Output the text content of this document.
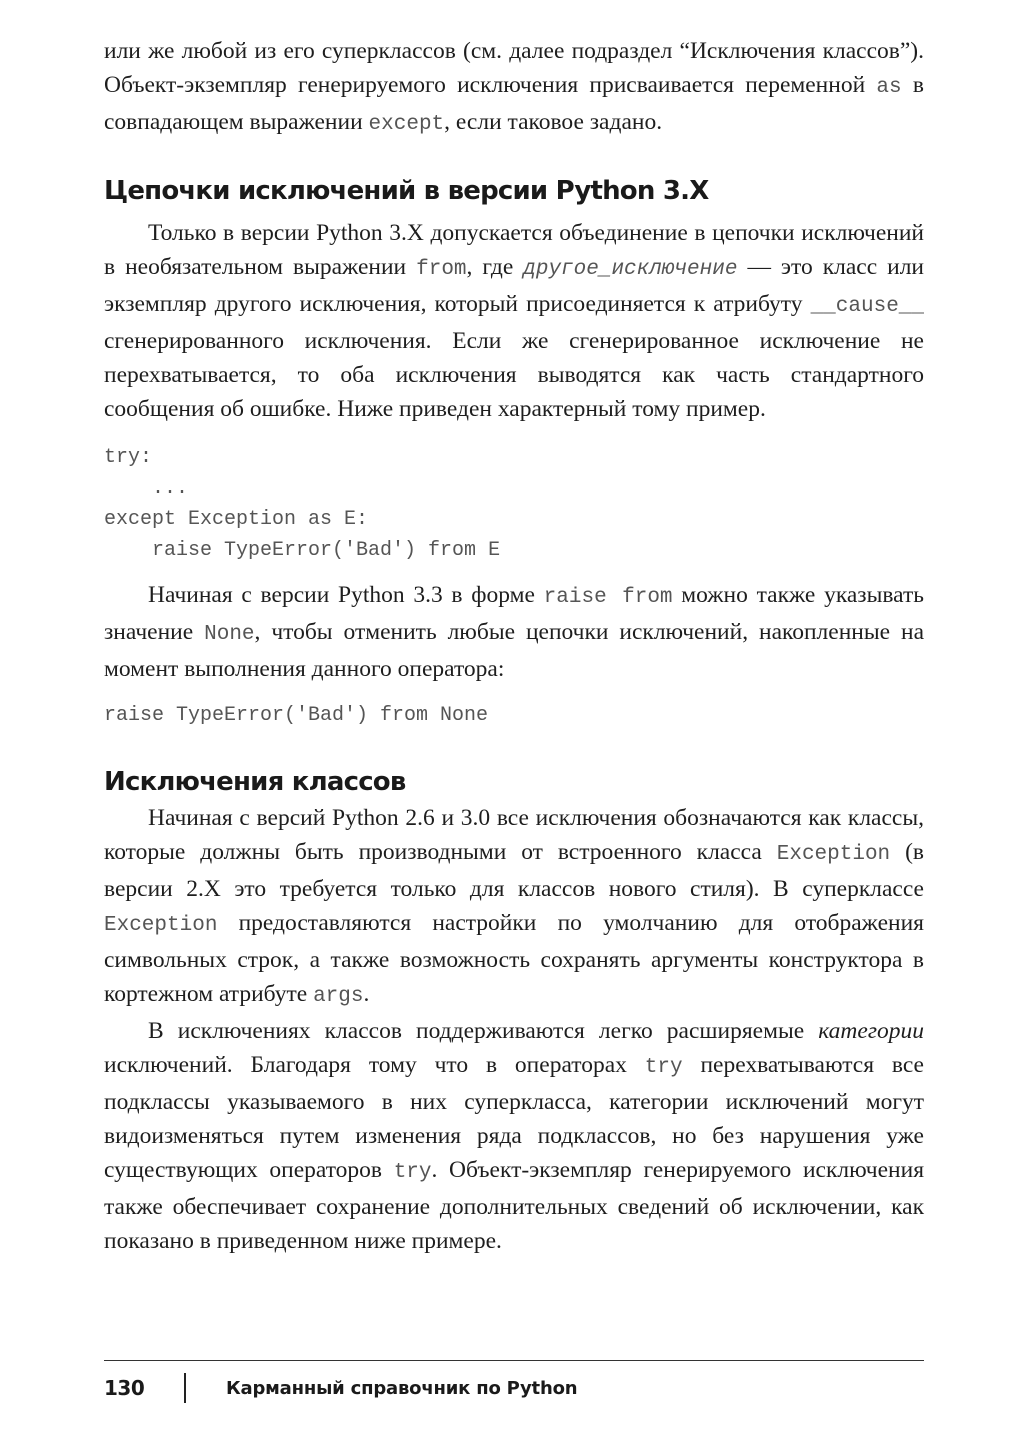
или же любой из его суперклассов (см. далее подраздел “Исключения классов”). Объект-экземпляр генерируемого исключения присваивается переменной as в совпадающем выражении except, если таковое задано.

Цепочки исключений в версии Python 3.X

Только в версии Python 3.X допускается объединение в цепочки исключений в необязательном выражении from, где другое_исключение — это класс или экземпляр другого исключения, который присоединяется к атрибуту __cause__ сгенерированного исключения. Если же сгенерированное исключение не перехватывается, то оба исключения выводятся как часть стандартного сообщения об ошибке. Ниже приведен характерный тому пример.

try:
...
except Exception as E:
raise TypeError('Bad') from E

Начиная с версии Python 3.3 в форме raise from можно также указывать значение None, чтобы отменить любые цепочки исключений, накопленные на момент выполнения данного оператора:

raise TypeError('Bad') from None
Исключения классов

Начиная с версий Python 2.6 и 3.0 все исключения обозначаются как классы, которые должны быть производными от встроенного класса Exception (в версии 2.X это требуется только для классов нового стиля). В суперклассе Exception предоставляются настройки по умолчанию для отображения символьных строк, а также возможность сохранять аргументы конструктора в кортежном атрибуте args.

В исключениях классов поддерживаются легко расширяемые категории исключений. Благодаря тому что в операторах try перехватываются все подклассы указываемого в них суперкласса, категории исключений могут видоизменяться путем изменения ряда подклассов, но без нарушения уже существующих операторов try. Объект-экземпляр генерируемого исключения также обеспечивает сохранение дополнительных сведений об исключении, как показано в приведенном ниже примере.

130	Карманный справочник по Python
